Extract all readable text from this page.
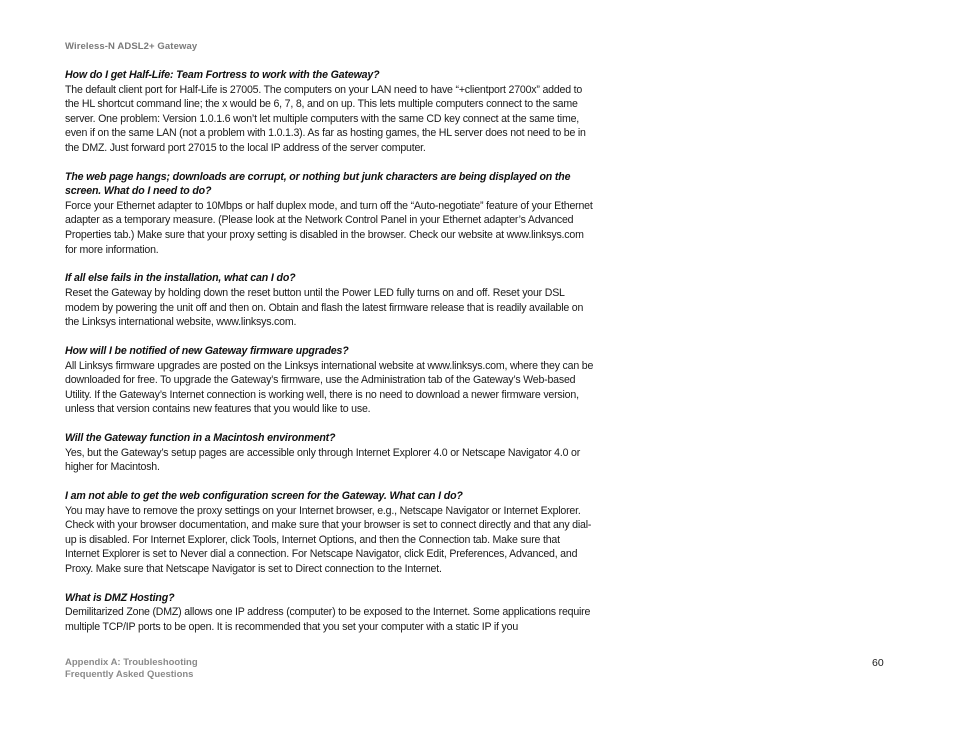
Wireless-N ADSL2+ Gateway
How do I get Half-Life: Team Fortress to work with the Gateway?
The default client port for Half-Life is 27005. The computers on your LAN need to have “+clientport 2700x” added to the HL shortcut command line; the x would be 6, 7, 8, and on up. This lets multiple computers connect to the same server. One problem: Version 1.0.1.6 won’t let multiple computers with the same CD key connect at the same time, even if on the same LAN (not a problem with 1.0.1.3). As far as hosting games, the HL server does not need to be in the DMZ. Just forward port 27015 to the local IP address of the server computer.
The web page hangs; downloads are corrupt, or nothing but junk characters are being displayed on the screen. What do I need to do?
Force your Ethernet adapter to 10Mbps or half duplex mode, and turn off the “Auto-negotiate” feature of your Ethernet adapter as a temporary measure. (Please look at the Network Control Panel in your Ethernet adapter’s Advanced Properties tab.) Make sure that your proxy setting is disabled in the browser. Check our website at www.linksys.com for more information.
If all else fails in the installation, what can I do?
Reset the Gateway by holding down the reset button until the Power LED fully turns on and off. Reset your DSL modem by powering the unit off and then on. Obtain and flash the latest firmware release that is readily available on the Linksys international website, www.linksys.com.
How will I be notified of new Gateway firmware upgrades?
All Linksys firmware upgrades are posted on the Linksys international website at www.linksys.com, where they can be downloaded for free. To upgrade the Gateway’s firmware, use the Administration tab of the Gateway’s Web-based Utility. If the Gateway’s Internet connection is working well, there is no need to download a newer firmware version, unless that version contains new features that you would like to use.
Will the Gateway function in a Macintosh environment?
Yes, but the Gateway’s setup pages are accessible only through Internet Explorer 4.0 or Netscape Navigator 4.0 or higher for Macintosh.
I am not able to get the web configuration screen for the Gateway. What can I do?
You may have to remove the proxy settings on your Internet browser, e.g., Netscape Navigator or Internet Explorer. Check with your browser documentation, and make sure that your browser is set to connect directly and that any dial-up is disabled. For Internet Explorer, click Tools, Internet Options, and then the Connection tab. Make sure that Internet Explorer is set to Never dial a connection. For Netscape Navigator, click Edit, Preferences, Advanced, and Proxy. Make sure that Netscape Navigator is set to Direct connection to the Internet.
What is DMZ Hosting?
Demilitarized Zone (DMZ) allows one IP address (computer) to be exposed to the Internet. Some applications require multiple TCP/IP ports to be open. It is recommended that you set your computer with a static IP if you
Appendix A: Troubleshooting
Frequently Asked Questions
60
